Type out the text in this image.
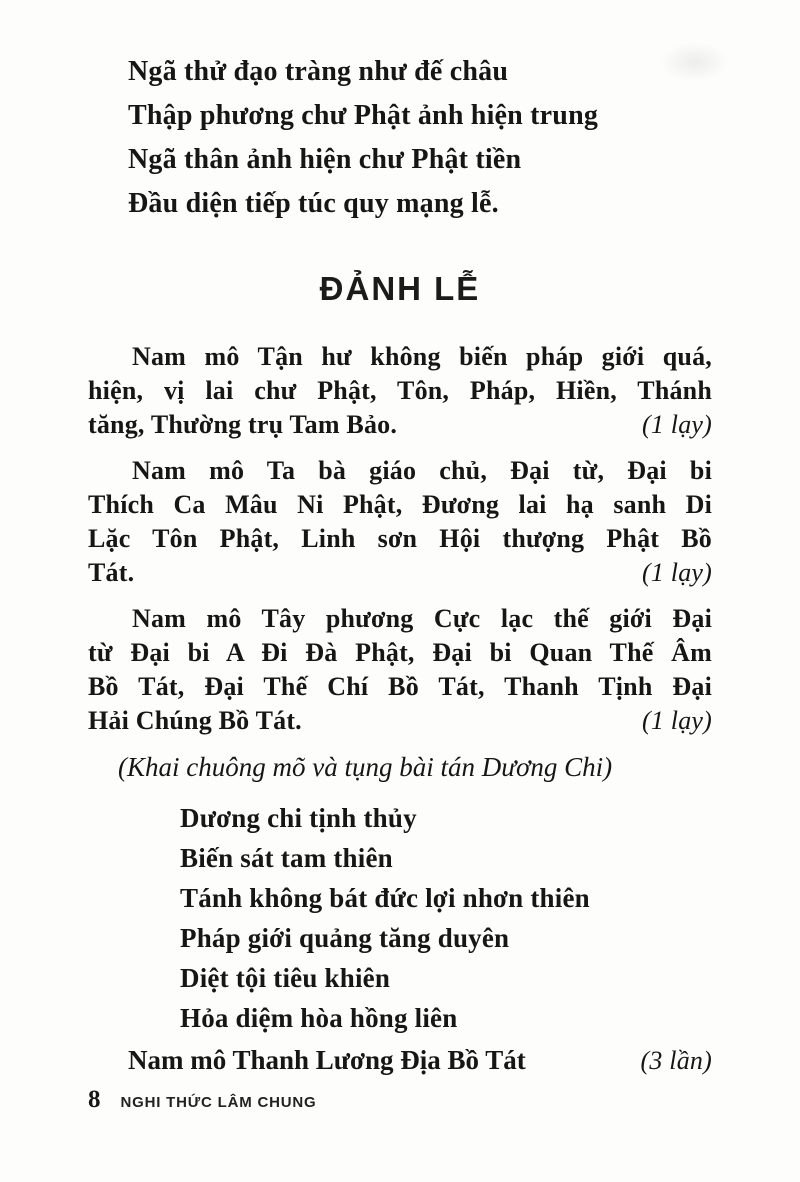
Ngã thử đạo tràng như đế châu
Thập phương chư Phật ảnh hiện trung
Ngã thân ảnh hiện chư Phật tiền
Đầu diện tiếp túc quy mạng lễ.
ĐẢNH LỄ
Nam mô Tận hư không biến pháp giới quá,
hiện, vị lai chư Phật, Tôn, Pháp, Hiền, Thánh
tăng, Thường trụ Tam Bảo.	(1 lạy)
Nam mô Ta bà giáo chủ, Đại từ, Đại bi
Thích Ca Mâu Ni Phật, Đương lai hạ sanh Di
Lặc Tôn Phật, Linh sơn Hội thượng Phật Bồ
Tát.	(1 lạy)
Nam mô Tây phương Cực lạc thế giới Đại
từ Đại bi A Đi Đà Phật, Đại bi Quan Thế Âm
Bồ Tát, Đại Thế Chí Bồ Tát, Thanh Tịnh Đại
Hải Chúng Bồ Tát.	(1 lạy)
(Khai chuông mõ và tụng bài tán Dương Chi)
Dương chi tịnh thủy
Biến sát tam thiên
Tánh không bát đức lợi nhơn thiên
Pháp giới quảng tăng duyên
Diệt tội tiêu khiên
Hỏa diệm hòa hồng liên
Nam mô Thanh Lương Địa Bồ Tát	(3 lần)
8 NGHI THỨC LÂM CHUNG
